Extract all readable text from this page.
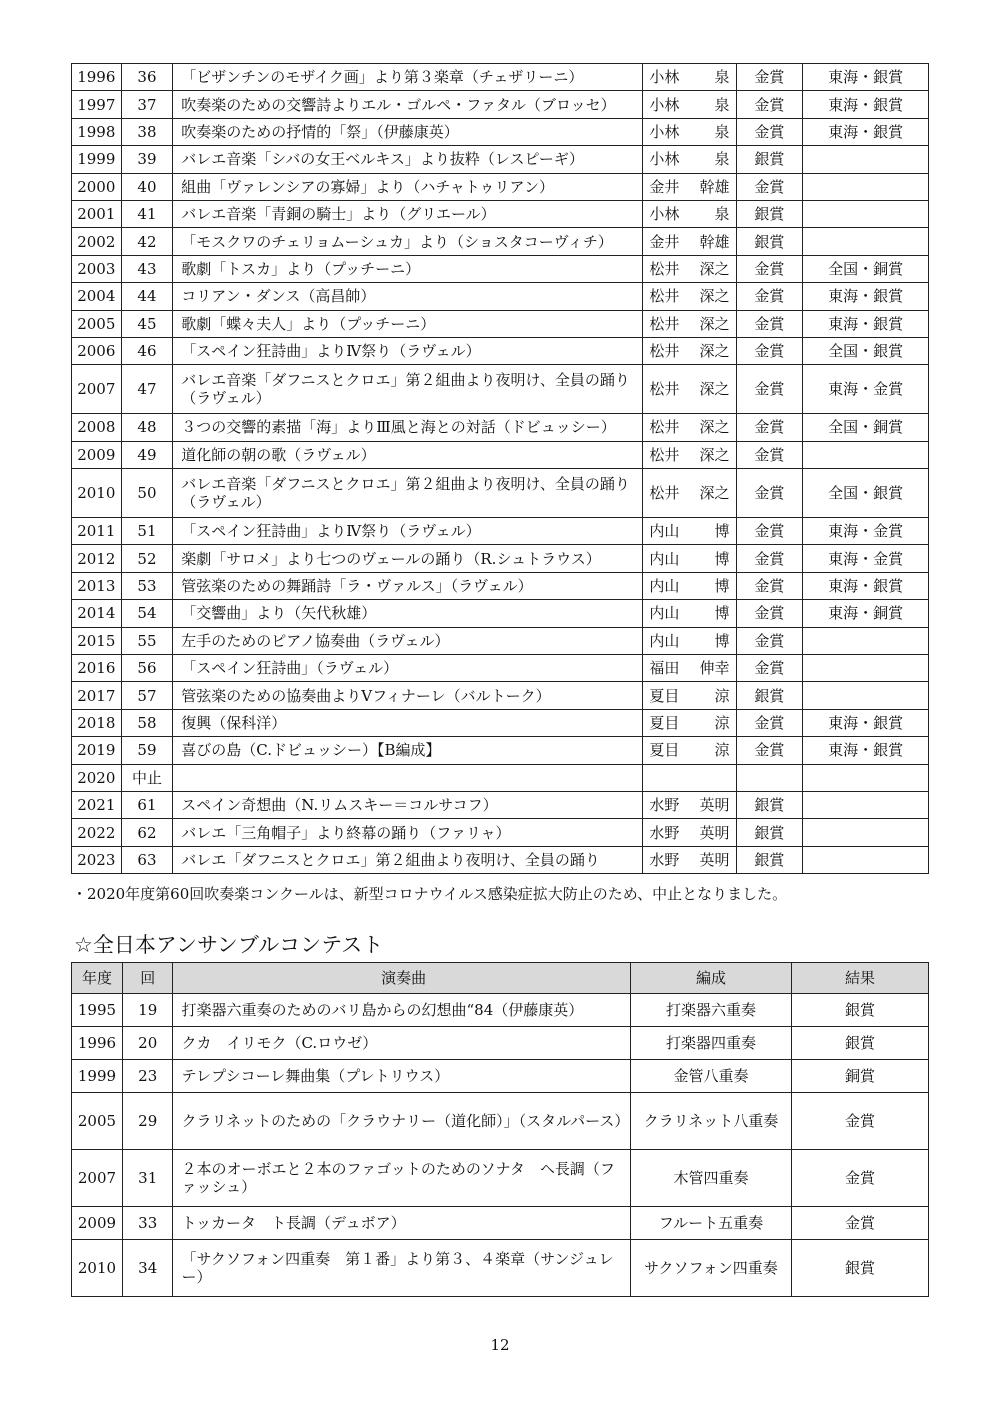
1996	36	「ビザンチンのモザイク画」より第３楽章（チェザリーニ）	小林 泉	金賞	東海・銀賞
1997	37	吹奏楽のための交響詩よりエル・ゴルペ・ファタル（ブロッセ）	小林 泉	金賞	東海・銀賞
1998	38	吹奏楽のための抒情的「祭」（伊藤康英）	小林 泉	金賞	東海・銀賞
1999	39	バレエ音楽「シバの女王ベルキス」より抜粋（レスピーギ）	小林 泉	銀賞	
2000	40	組曲「ヴァレンシアの寡婦」より（ハチャトゥリアン）	金井 幹雄	金賞	
2001	41	バレエ音楽「青銅の騎士」より（グリエール）	小林 泉	銀賞	
2002	42	「モスクワのチェリョムーシュカ」より（ショスタコーヴィチ）	金井 幹雄	銀賞	
2003	43	歌劇「トスカ」より（プッチーニ）	松井 深之	金賞	全国・銅賞
2004	44	コリアン・ダンス（高昌帥）	松井 深之	金賞	東海・銀賞
2005	45	歌劇「蝶々夫人」より（プッチーニ）	松井 深之	金賞	東海・銀賞
2006	46	「スペイン狂詩曲」よりⅣ祭り（ラヴェル）	松井 深之	金賞	全国・銀賞
2007	47	バレエ音楽「ダフニスとクロエ」第２組曲より夜明け、全員の踊り（ラヴェル）	松井 深之	金賞	東海・金賞
2008	48	３つの交響的素描「海」よりⅢ風と海との対話（ドビュッシー）	松井 深之	金賞	全国・銅賞
2009	49	道化師の朝の歌（ラヴェル）	松井 深之	金賞	
2010	50	バレエ音楽「ダフニスとクロエ」第２組曲より夜明け、全員の踊り（ラヴェル）	松井 深之	金賞	全国・銀賞
2011	51	「スペイン狂詩曲」よりⅣ祭り（ラヴェル）	内山 博	金賞	東海・金賞
2012	52	楽劇「サロメ」より七つのヴェールの踊り（R.シュトラウス）	内山 博	金賞	東海・金賞
2013	53	管弦楽のための舞踊詩「ラ・ヴァルス」（ラヴェル）	内山 博	金賞	東海・銀賞
2014	54	「交響曲」より（矢代秋雄）	内山 博	金賞	東海・銅賞
2015	55	左手のためのピアノ協奏曲（ラヴェル）	内山 博	金賞	
2016	56	「スペイン狂詩曲」（ラヴェル）	福田 伸幸	金賞	
2017	57	管弦楽のための協奏曲よりⅤフィナーレ（バルトーク）	夏目 涼	銀賞	
2018	58	復興（保科洋）	夏目 涼	金賞	東海・銀賞
2019	59	喜びの島（C.ドビュッシー）【B編成】	夏目 涼	金賞	東海・銀賞
2020	中止		

2021	61	スペイン奇想曲（N.リムスキー＝コルサコフ）	水野 英明	銀賞	
2022	62	バレエ「三角帽子」より終幕の踊り（ファリャ）	水野 英明	銀賞	
2023	63	バレエ「ダフニスとクロエ」第２組曲より夜明け、全員の踊り	水野 英明	銀賞	
・2020年度第60回吹奏楽コンクールは、新型コロナウイルス感染症拡大防止のため、中止となりました。
☆全日本アンサンブルコンテスト
年度	回	演奏曲	編成	結果
1995	19	打楽器六重奏のためのバリ島からの幻想曲“84（伊藤康英）	打楽器六重奏	銀賞
1996	20	クカ　イリモク（C.ロウゼ）	打楽器四重奏	銀賞
1999	23	テレプシコーレ舞曲集（プレトリウス）	金管八重奏	銅賞
2005	29	クラリネットのための「クラウナリー（道化師）」（スタルパース）	クラリネット八重奏	金賞
2007	31	２本のオーボエと２本のファゴットのためのソナタ　ヘ長調（ファッシュ）	木管四重奏	金賞
2009	33	トッカータ　ト長調（デュボア）	フルート五重奏	金賞
2010	34	「サクソフォン四重奏　第１番」より第３、４楽章（サンジュレー）	サクソフォン四重奏	銀賞
12
